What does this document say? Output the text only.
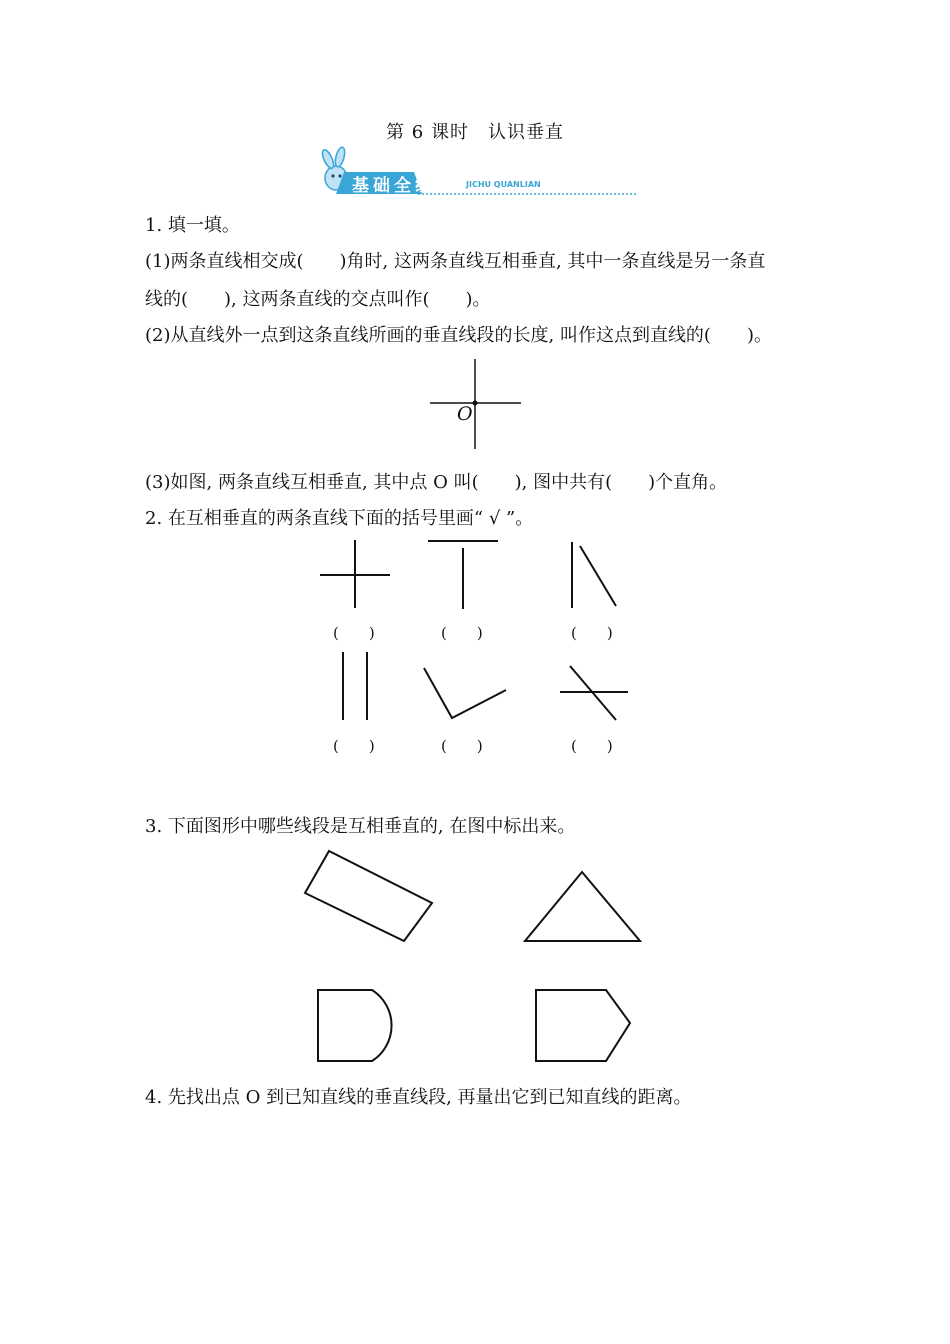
第 6 课时　认识垂直
基础全练	JICHU QUANLIAN
1. 填一填。
(1)两条直线相交成(　　)角时, 这两条直线互相垂直, 其中一条直线是另一条直
线的(　　), 这两条直线的交点叫作(　　)。
(2)从直线外一点到这条直线所画的垂直线段的长度, 叫作这点到直线的(　　)。
O
(3)如图, 两条直线互相垂直, 其中点 O 叫(　　), 图中共有(　　)个直角。
2. 在互相垂直的两条直线下面的括号里画“ √ ”。
(　　)	(　　)	(　　)
(　　)	(　　)	(　　)
3. 下面图形中哪些线段是互相垂直的, 在图中标出来。
4. 先找出点 O 到已知直线的垂直线段, 再量出它到已知直线的距离。
